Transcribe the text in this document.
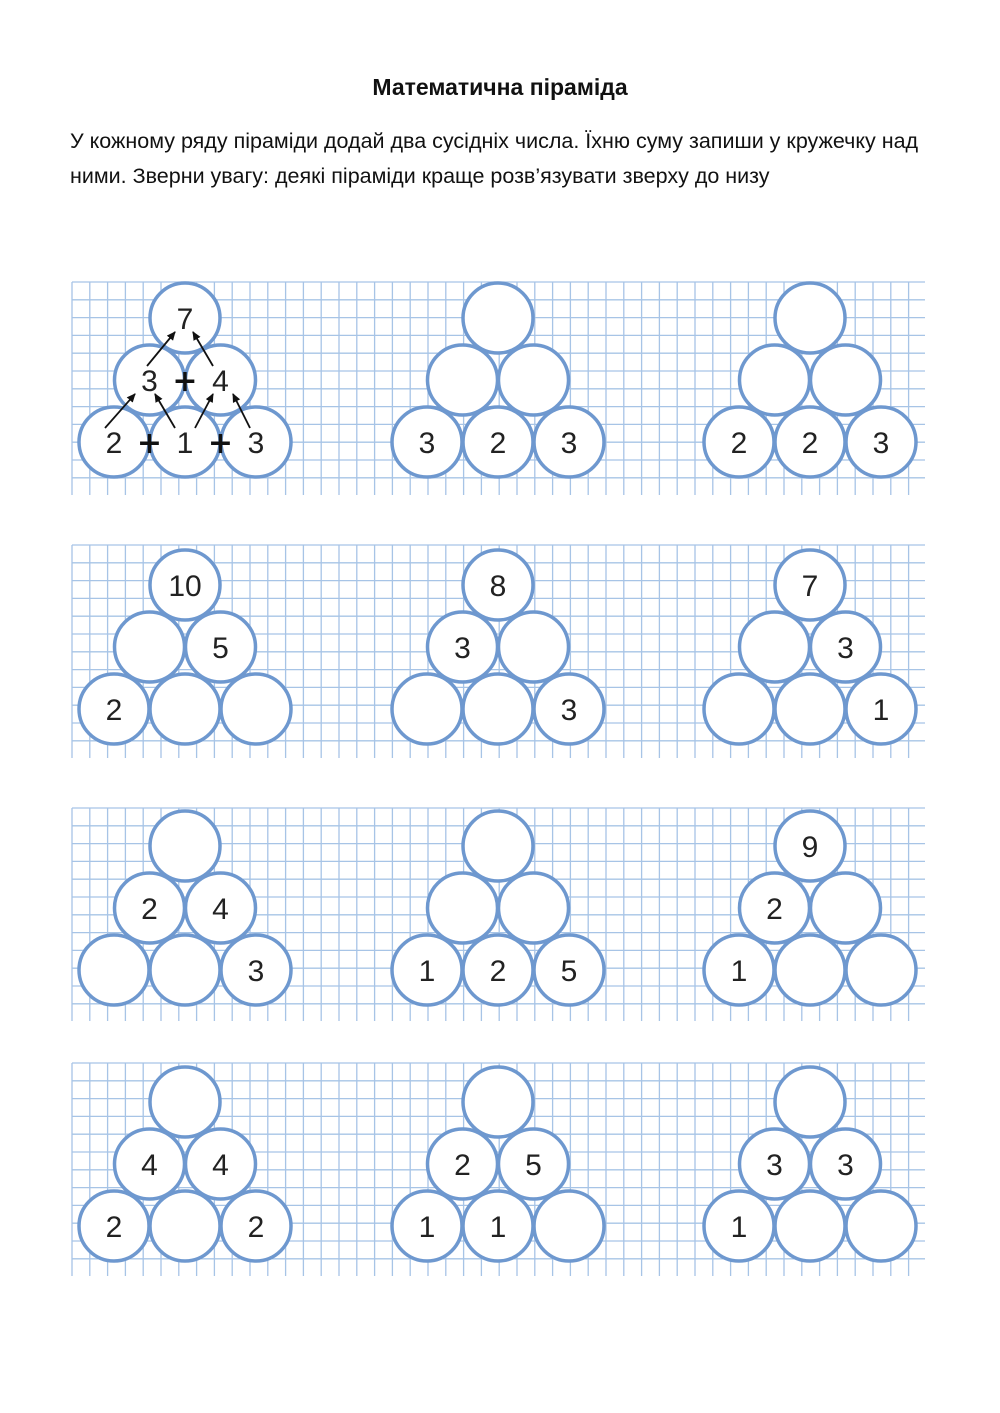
Математична піраміда

У кожному ряду піраміди додай два сусідніх числа. Їхню суму запиши у кружечку над ними. Зверни увагу: деякі піраміди краще розв’язувати зверху до низу

7
3 4
2 1 3
+
+ +	3 2 3	2 2 3
10
5
2
8
3
3
7
3
1
2 4
3	1 2 5
9
2
1
4 4
2	2
2 5
1 1
3 3
1
